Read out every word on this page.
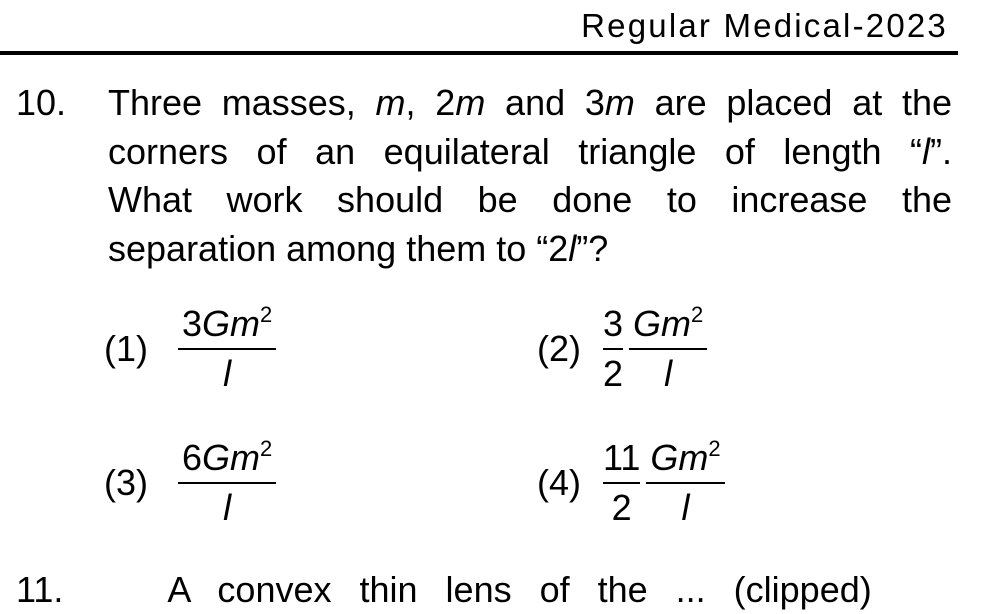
Regular Medical-2023
10. Three masses, m, 2m and 3m are placed at the
corners of an equilateral triangle of length “l”.
What work should be done to increase the
separation among them to “2l”?
$(1) \frac{3Gm^2}{l}$	$(2) \frac{3}{2} \frac{Gm^2}{l}$
$(3) \frac{6Gm^2}{l}$	$(4) \frac{11}{2} \frac{Gm^2}{l}$
11.	A convex thin lens of the ... (clipped)
